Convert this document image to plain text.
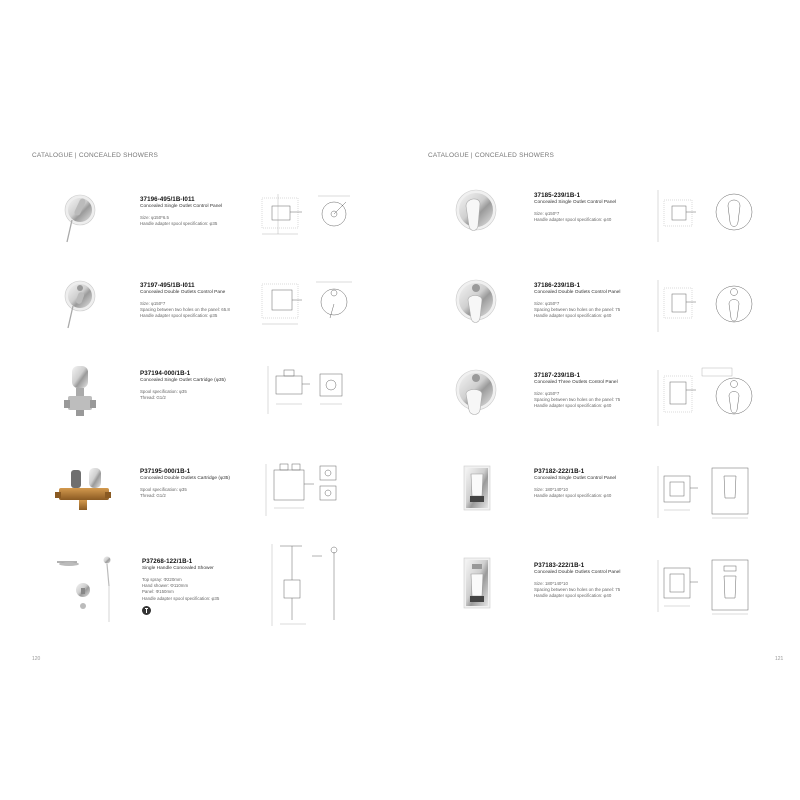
CATALOGUE | CONCEALED SHOWERS
120

37196-495/1B-I011

Concealed Single Outlet Control Panel

Size: φ150*6.5

Handle adapter spool specification: φ35

37197-495/1B-I011

Concealed Double Outlets Control Pane

Size: φ150*7

Spacing between two holes on the panel: 65.8

Handle adapter spool specification: φ35

P37194-000/1B-1

Concealed Single Outlet Cartridge (φ35)

Spool specification: φ35

Thread: G1/2

P37195-000/1B-1

Concealed Double Outlets Cartridge (φ35)

Spool specification: φ35

Thread: G1/2

P37268-122/1B-1

Single Handle Concealed Shower

Top spray: Φ220mm

Hand shower: Φ110mm

Panel: Φ150mm

Handle adapter spool specification: φ35

CATALOGUE | CONCEALED SHOWERS
121

37185-239/1B-1

Concealed Single Outlet Control Panel

Size: φ150*7

Handle adapter spool specification: φ40

37186-239/1B-1

Concealed Double Outlets Control Panel

Size: φ150*7

Spacing between two holes on the panel: 75

Handle adapter spool specification: φ40

37187-239/1B-1

Concealed Three Outlets Control Panel

Size: φ150*7

Spacing between two holes on the panel: 75

Handle adapter spool specification: φ40

P37182-222/1B-1

Concealed Single Outlet Control Panel

Size: 180*140*10

Handle adapter spool specification: φ40

P37183-222/1B-1

Concealed Double Outlets Control Panel

Size: 180*140*10

Spacing between two holes on the panel: 75

Handle adapter spool specification: φ40
